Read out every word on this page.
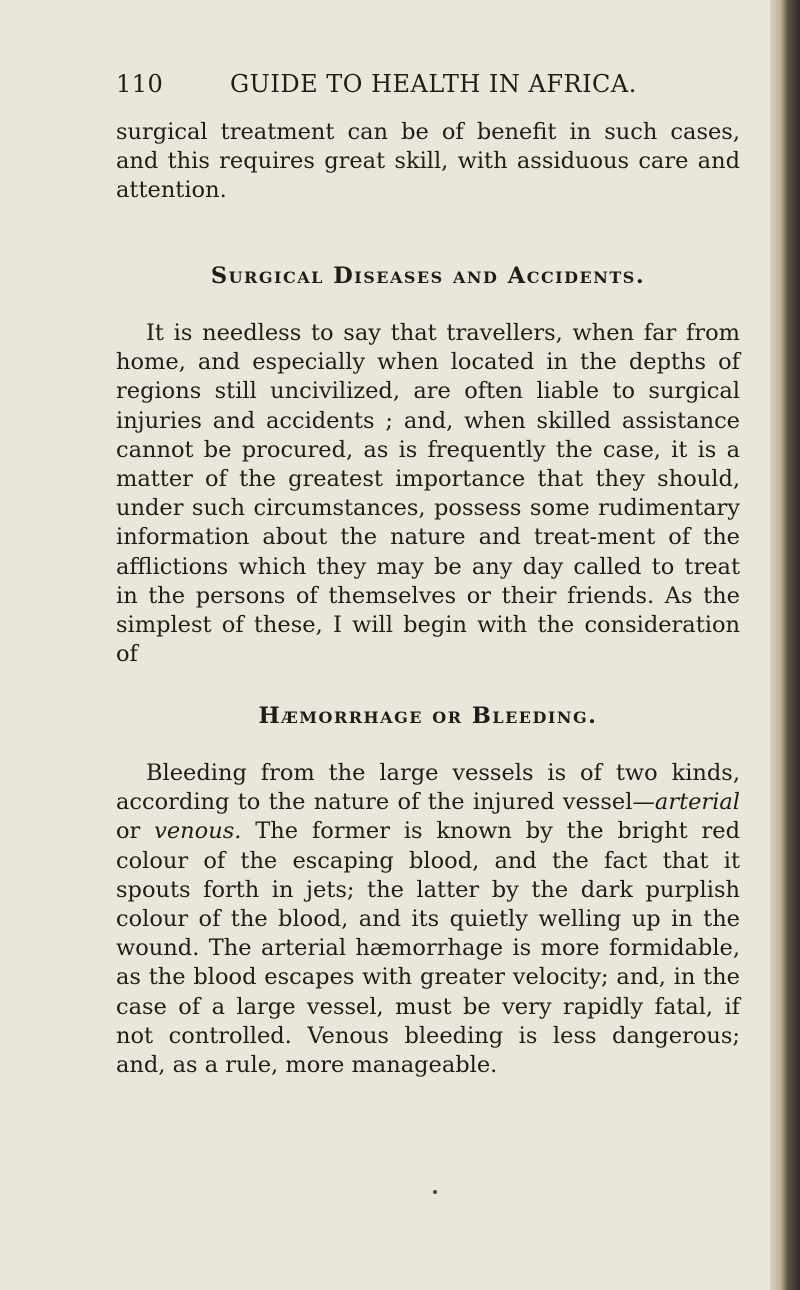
110	GUIDE TO HEALTH IN AFRICA.

surgical treatment can be of benefit in such cases, and this requires great skill, with assiduous care and attention.

Surgical Diseases and Accidents.

It is needless to say that travellers, when far from home, and especially when located in the depths of regions still uncivilized, are often liable to surgical injuries and accidents ; and, when skilled assistance cannot be procured, as is frequently the case, it is a matter of the greatest importance that they should, under such circumstances, possess some rudimentary information about the nature and treat-ment of the afflictions which they may be any day called to treat in the persons of themselves or their friends. As the simplest of these, I will begin with the consideration of

Hæmorrhage or Bleeding.

Bleeding from the large vessels is of two kinds, according to the nature of the injured vessel—arterial or venous. The former is known by the bright red colour of the escaping blood, and the fact that it spouts forth in jets; the latter by the dark purplish colour of the blood, and its quietly welling up in the wound. The arterial hæmorrhage is more formidable, as the blood escapes with greater velocity; and, in the case of a large vessel, must be very rapidly fatal, if not controlled. Venous bleeding is less dangerous; and, as a rule, more manageable.
